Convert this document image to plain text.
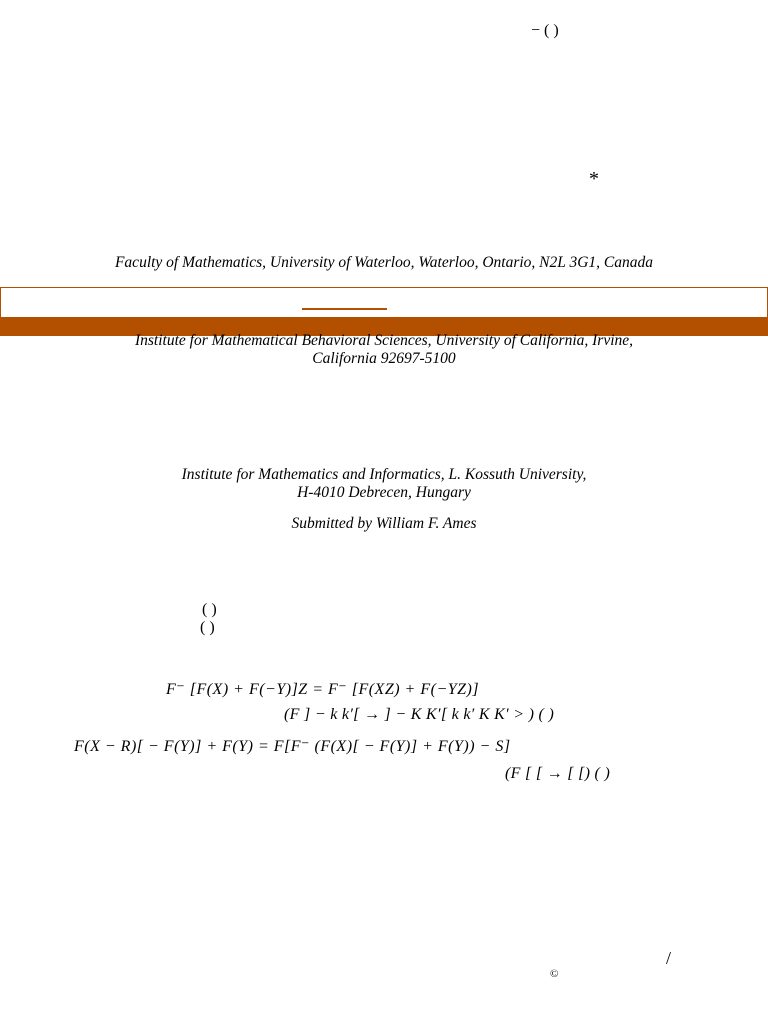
− ( )
*
Faculty of Mathematics, University of Waterloo, Waterloo, Ontario, N2L 3G1, Canada
Institute for Mathematical Behavioral Sciences, University of California, Irvine,
California 92697-5100
Institute for Mathematics and Informatics, L. Kossuth University,
H-4010 Debrecen, Hungary
Submitted by William F. Ames
( )
( )
F⁻ [F(X) + F(−Y)]Z = F⁻ [F(XZ) + F(−YZ)]
(F ] − k k′[ → ] − K K′[ k k′ K K′ > ) ( )
F(X − R)[ − F(Y)] + F(Y) = F[F⁻ (F(X)[ − F(Y)] + F(Y)) − S]
(F [ [ → [ [) ( )
/
©
